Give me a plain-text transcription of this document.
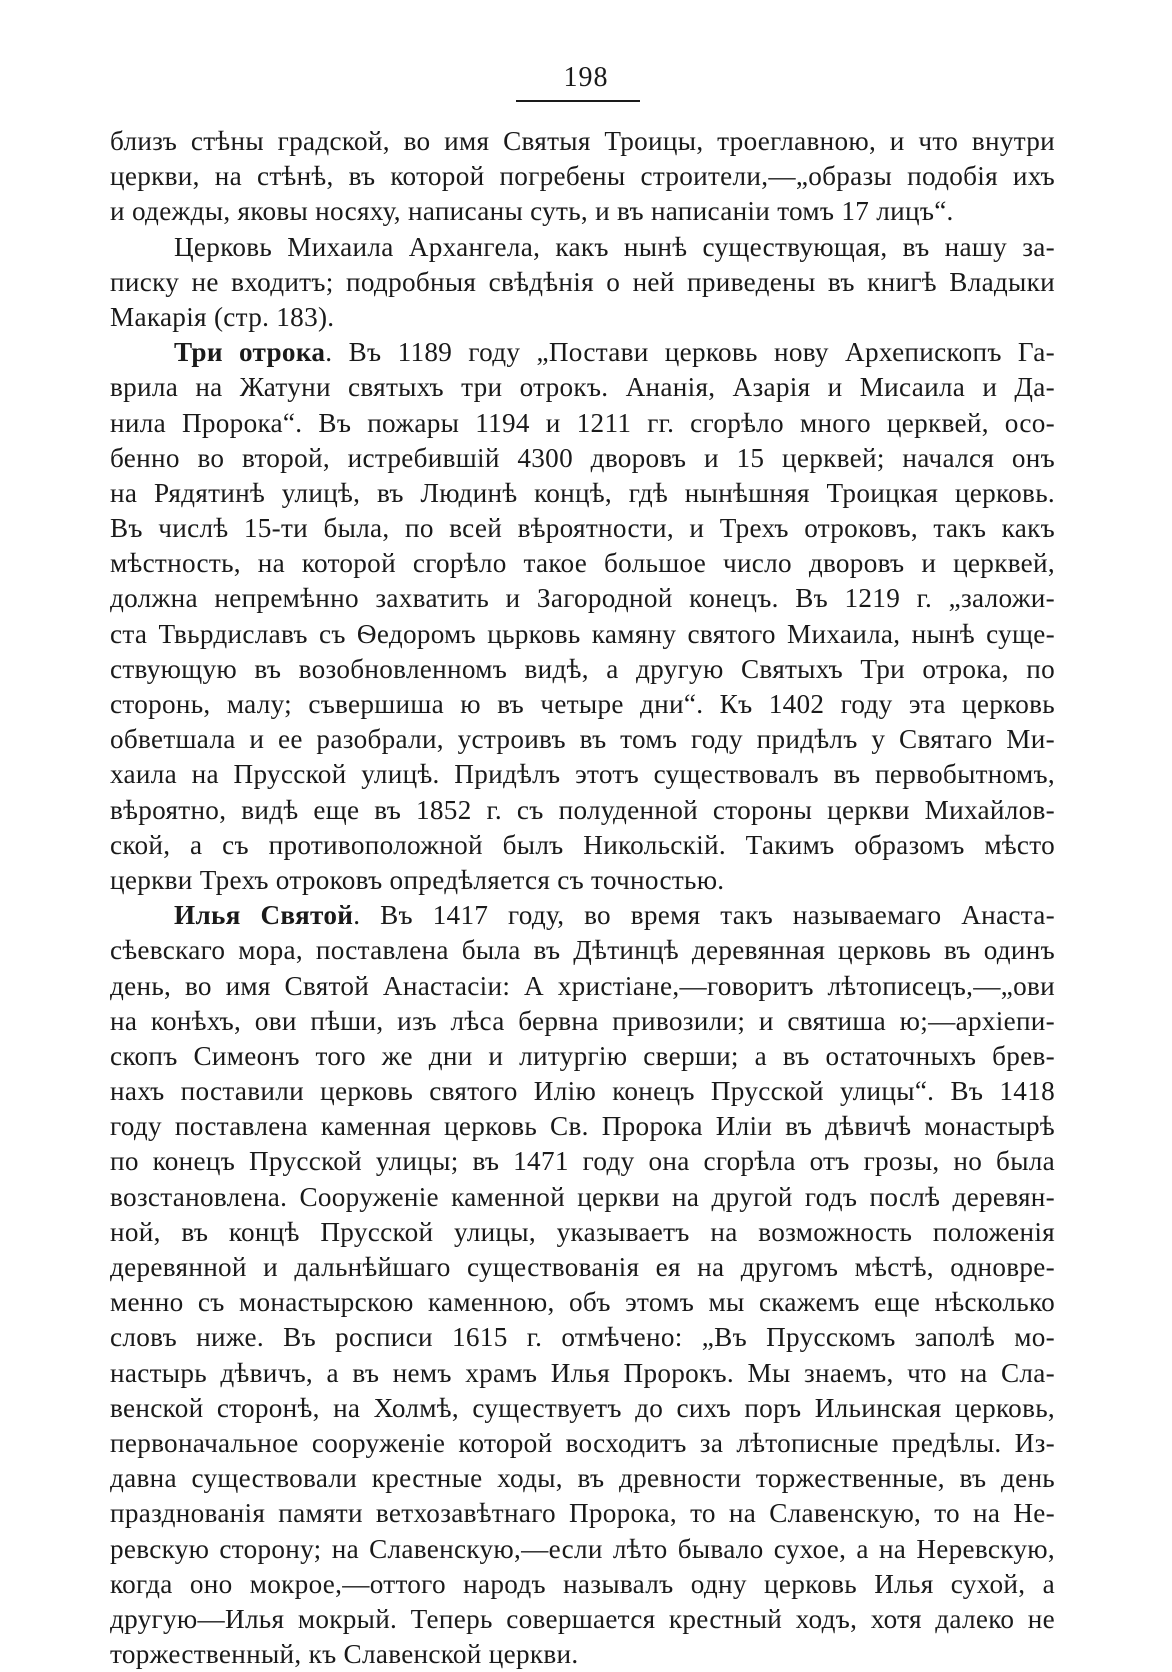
198
близъ стѣны градской, во имя Святыя Троицы, троеглавною, и что внутри
церкви, на стѣнѣ, въ которой погребены строители,—„образы подобія ихъ
и одежды, яковы носяху, написаны суть, и въ написаніи томъ 17 лицъ“.
Церковь Михаила Архангела, какъ нынѣ существующая, въ нашу за-
писку не входитъ; подробныя свѣдѣнія о ней приведены въ книгѣ Владыки
Макарія (стр. 183).
Три отрока. Въ 1189 году „Постави церковь нову Архепископъ Га-
врила на Жатуни святыхъ три отрокъ. Ананія, Азарія и Мисаила и Да-
нила Пророка“. Въ пожары 1194 и 1211 гг. сгорѣло много церквей, осо-
бенно во второй, истребившій 4300 дворовъ и 15 церквей; начался онъ
на Рядятинѣ улицѣ, въ Людинѣ концѣ, гдѣ нынѣшняя Троицкая церковь.
Въ числѣ 15-ти была, по всей вѣроятности, и Трехъ отроковъ, такъ какъ
мѣстность, на которой сгорѣло такое большое число дворовъ и церквей,
должна непремѣнно захватить и Загородной конецъ. Въ 1219 г. „заложи-
ста Твьрдиславъ съ Ѳедоромъ цьрковь камяну святого Михаила, нынѣ суще-
ствующую въ возобновленномъ видѣ, а другую Святыхъ Три отрока, по
сторонь, малу; съвершиша ю въ четыре дни“. Къ 1402 году эта церковь
обветшала и ее разобрали, устроивъ въ томъ году придѣлъ у Святаго Ми-
хаила на Прусской улицѣ. Придѣлъ этотъ существовалъ въ первобытномъ,
вѣроятно, видѣ еще въ 1852 г. съ полуденной стороны церкви Михайлов-
ской, а съ противоположной былъ Никольскій. Такимъ образомъ мѣсто
церкви Трехъ отроковъ опредѣляется съ точностью.
Илья Святой. Въ 1417 году, во время такъ называемаго Анаста-
сѣевскаго мора, поставлена была въ Дѣтинцѣ деревянная церковь въ одинъ
день, во имя Святой Анастасіи: А христіане,—говоритъ лѣтописецъ,—„ови
на конѣхъ, ови пѣши, изъ лѣса бервна привозили; и святиша ю;—архіепи-
скопъ Симеонъ того же дни и литургію сверши; а въ остаточныхъ брев-
нахъ поставили церковь святого Илію конецъ Прусской улицы“. Въ 1418
году поставлена каменная церковь Св. Пророка Иліи въ дѣвичѣ монастырѣ
по конецъ Прусской улицы; въ 1471 году она сгорѣла отъ грозы, но была
возстановлена. Сооруженіе каменной церкви на другой годъ послѣ деревян-
ной, въ концѣ Прусской улицы, указываетъ на возможность положенія
деревянной и дальнѣйшаго существованія ея на другомъ мѣстѣ, одновре-
менно съ монастырскою каменною, объ этомъ мы скажемъ еще нѣсколько
словъ ниже. Въ росписи 1615 г. отмѣчено: „Въ Прусскомъ заполѣ мо-
настырь дѣвичъ, а въ немъ храмъ Илья Пророкъ. Мы знаемъ, что на Сла-
венской сторонѣ, на Холмѣ, существуетъ до сихъ поръ Ильинская церковь,
первоначальное сооруженіе которой восходитъ за лѣтописные предѣлы. Из-
давна существовали крестные ходы, въ древности торжественные, въ день
празднованія памяти ветхозавѣтнаго Пророка, то на Славенскую, то на Не-
ревскую сторону; на Славенскую,—если лѣто бывало сухое, а на Неревскую,
когда оно мокрое,—оттого народъ называлъ одну церковь Илья сухой, а
другую—Илья мокрый. Теперь совершается крестный ходъ, хотя далеко не
торжественный, къ Славенской церкви.
